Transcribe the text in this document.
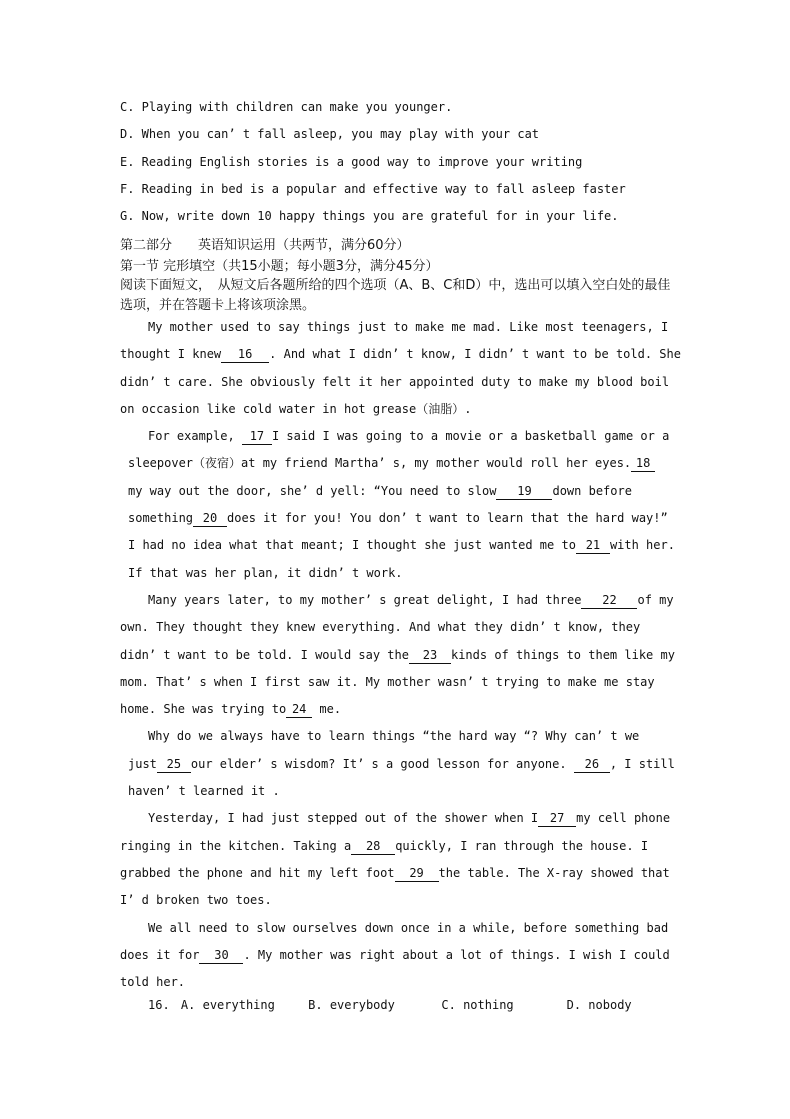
C. Playing with children can make you younger.
D. When you can’ t fall asleep, you may play with your cat
E. Reading English stories is a good way to improve your writing
F. Reading in bed is a popular and effective way to fall asleep faster
G. Now, write down 10 happy things you are grateful for in your life.
第二部分　　英语知识运用（共两节，满分60分）
第一节 完形填空（共15小题；每小题3分，满分45分）
阅读下面短文，　从短文后各题所给的四个选项（A、B、C和D）中，选出可以填入空白处的最佳选项，并在答题卡上将该项涂黑。
My mother used to say things just to make me mad. Like most teenagers, I
thought I knew 16 . And what I didn’ t know, I didn’ t want to be told. She
didn’ t care. She obviously felt it her appointed duty to make my blood boil
on occasion like cold water in hot grease（油脂）.
For example, 17 I said I was going to a movie or a basketball game or a
sleepover（夜宿）at my friend Martha’ s, my mother would roll her eyes. 18
my way out the door, she’ d yell: “You need to slow 19 down before
something 20 does it for you! You don’ t want to learn that the hard way!”
I had no idea what that meant; I thought she just wanted me to 21 with her.
If that was her plan, it didn’ t work.
Many years later, to my mother’ s great delight, I had three 22 of my
own. They thought they knew everything. And what they didn’ t know, they
didn’ t want to be told. I would say the 23 kinds of things to them like my
mom. That’ s when I first saw it. My mother wasn’ t trying to make me stay
home. She was trying to 24 me.
Why do we always have to learn things “the hard way “? Why can’ t we
just 25 our elder’ s wisdom? It’ s a good lesson for anyone. 26 , I still
haven’ t learned it .
Yesterday, I had just stepped out of the shower when I 27 my cell phone
ringing in the kitchen. Taking a 28 quickly, I ran through the house. I
grabbed the phone and hit my left foot 29 the table. The X-ray showed that
I’ d broken two toes.
We all need to slow ourselves down once in a while, before something bad
does it for 30 . My mother was right about a lot of things. I wish I could
told her.
16. A. everything	B. everybody	C. nothing	D. nobody
